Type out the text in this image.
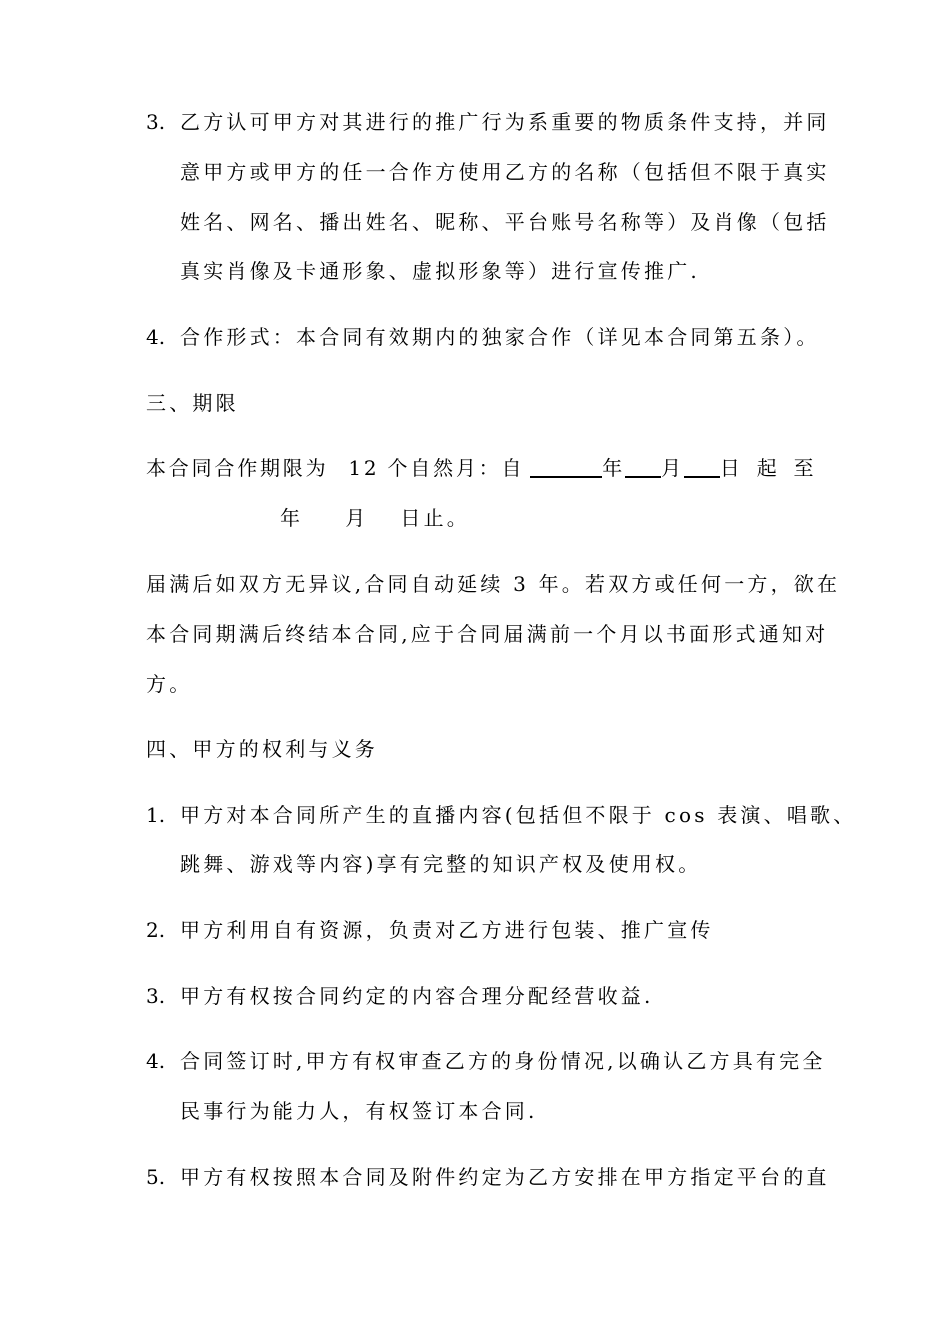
3. 乙方认可甲方对其进行的推广行为系重要的物质条件支持，并同
意甲方或甲方的任一合作方使用乙方的名称（包括但不限于真实
姓名、网名、播出姓名、昵称、平台账号名称等）及肖像（包括
真实肖像及卡通形象、虚拟形象等）进行宣传推广.
4. 合作形式：本合同有效期内的独家合作（详见本合同第五条）。
三、期限
本合同合作期限为 12 个自然月：自	年 月 日 起 至
年 月 日止。
届满后如双方无异议,合同自动延续 3 年。若双方或任何一方，欲在
本合同期满后终结本合同,应于合同届满前一个月以书面形式通知对
方。
四、甲方的权利与义务
1. 甲方对本合同所产生的直播内容(包括但不限于 cos 表演、唱歌、
跳舞、游戏等内容)享有完整的知识产权及使用权。
2. 甲方利用自有资源，负责对乙方进行包装、推广宣传
3. 甲方有权按合同约定的内容合理分配经营收益.
4. 合同签订时,甲方有权审查乙方的身份情况,以确认乙方具有完全
民事行为能力人，有权签订本合同.
5. 甲方有权按照本合同及附件约定为乙方安排在甲方指定平台的直
